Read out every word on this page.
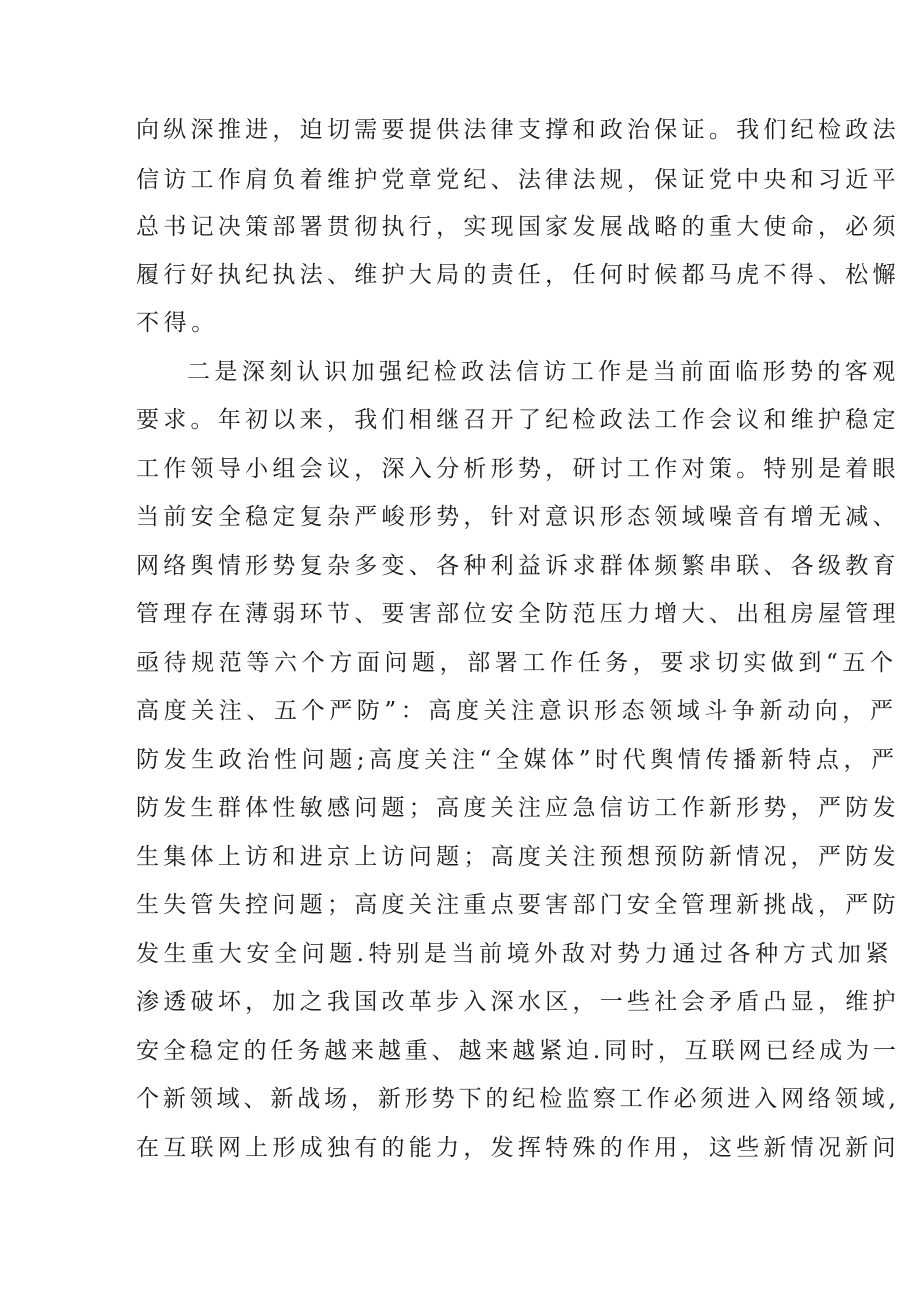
向纵深推进，迫切需要提供法律支撑和政治保证。我们纪检政法
信访工作肩负着维护党章党纪、法律法规，保证党中央和习近平
总书记决策部署贯彻执行，实现国家发展战略的重大使命，必须
履行好执纪执法、维护大局的责任，任何时候都马虎不得、松懈
不得。
二是深刻认识加强纪检政法信访工作是当前面临形势的客观
要求。年初以来，我们相继召开了纪检政法工作会议和维护稳定
工作领导小组会议，深入分析形势，研讨工作对策。特别是着眼
当前安全稳定复杂严峻形势，针对意识形态领域噪音有增无减、
网络舆情形势复杂多变、各种利益诉求群体频繁串联、各级教育
管理存在薄弱环节、要害部位安全防范压力增大、出租房屋管理
亟待规范等六个方面问题，部署工作任务，要求切实做到“五个
高度关注、五个严防”：高度关注意识形态领域斗争新动向，严
防发生政治性问题;高度关注“全媒体”时代舆情传播新特点，严
防发生群体性敏感问题；高度关注应急信访工作新形势，严防发
生集体上访和进京上访问题；高度关注预想预防新情况，严防发
生失管失控问题；高度关注重点要害部门安全管理新挑战，严防
发生重大安全问题.特别是当前境外敌对势力通过各种方式加紧
渗透破坏，加之我国改革步入深水区，一些社会矛盾凸显，维护
安全稳定的任务越来越重、越来越紧迫.同时，互联网已经成为一
个新领域、新战场，新形势下的纪检监察工作必须进入网络领域,
在互联网上形成独有的能力，发挥特殊的作用，这些新情况新问
